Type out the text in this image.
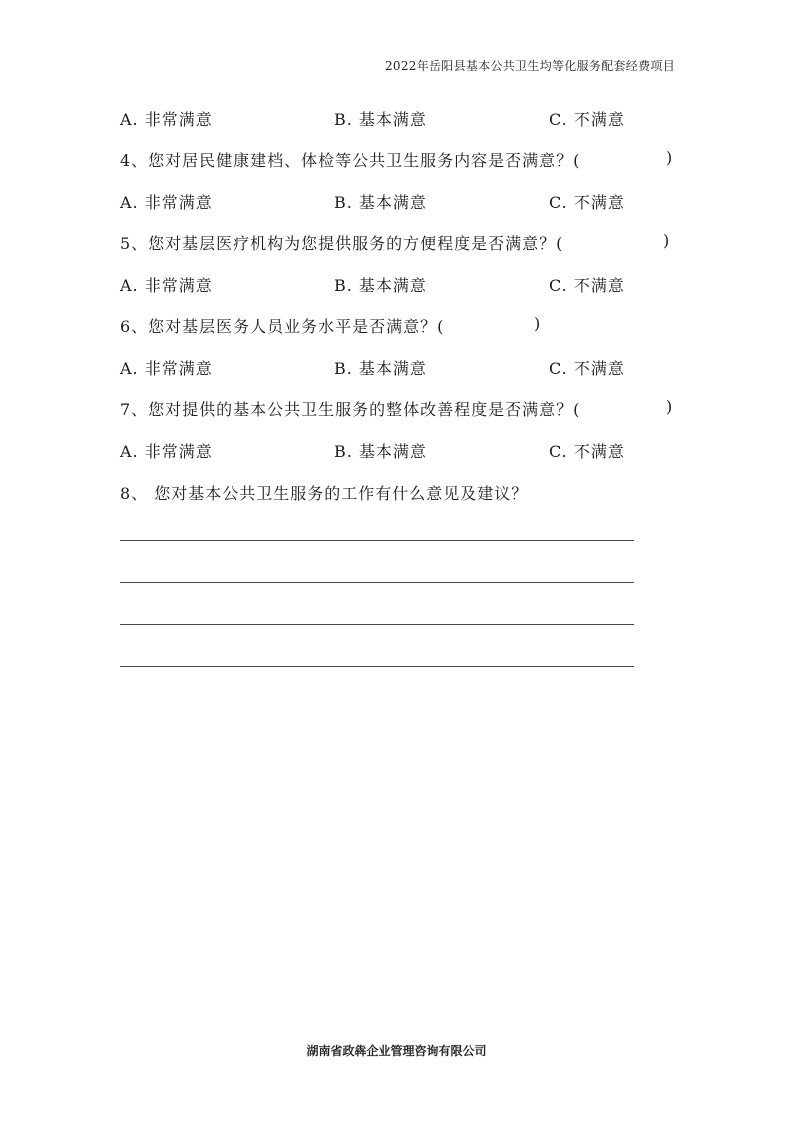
2022年岳阳县基本公共卫生均等化服务配套经费项目
A. 非常满意	B. 基本满意	C. 不满意
4、您对居民健康建档、体检等公共卫生服务内容是否满意？(	)
A. 非常满意	B. 基本满意	C. 不满意
5、您对基层医疗机构为您提供服务的方便程度是否满意？(	)
A. 非常满意	B. 基本满意	C. 不满意
6、您对基层医务人员业务水平是否满意？(	)
A. 非常满意	B. 基本满意	C. 不满意
7、您对提供的基本公共卫生服务的整体改善程度是否满意？(	)
A. 非常满意	B. 基本满意	C. 不满意
8、 您对基本公共卫生服务的工作有什么意见及建议？
湖南省政犇企业管理咨询有限公司
